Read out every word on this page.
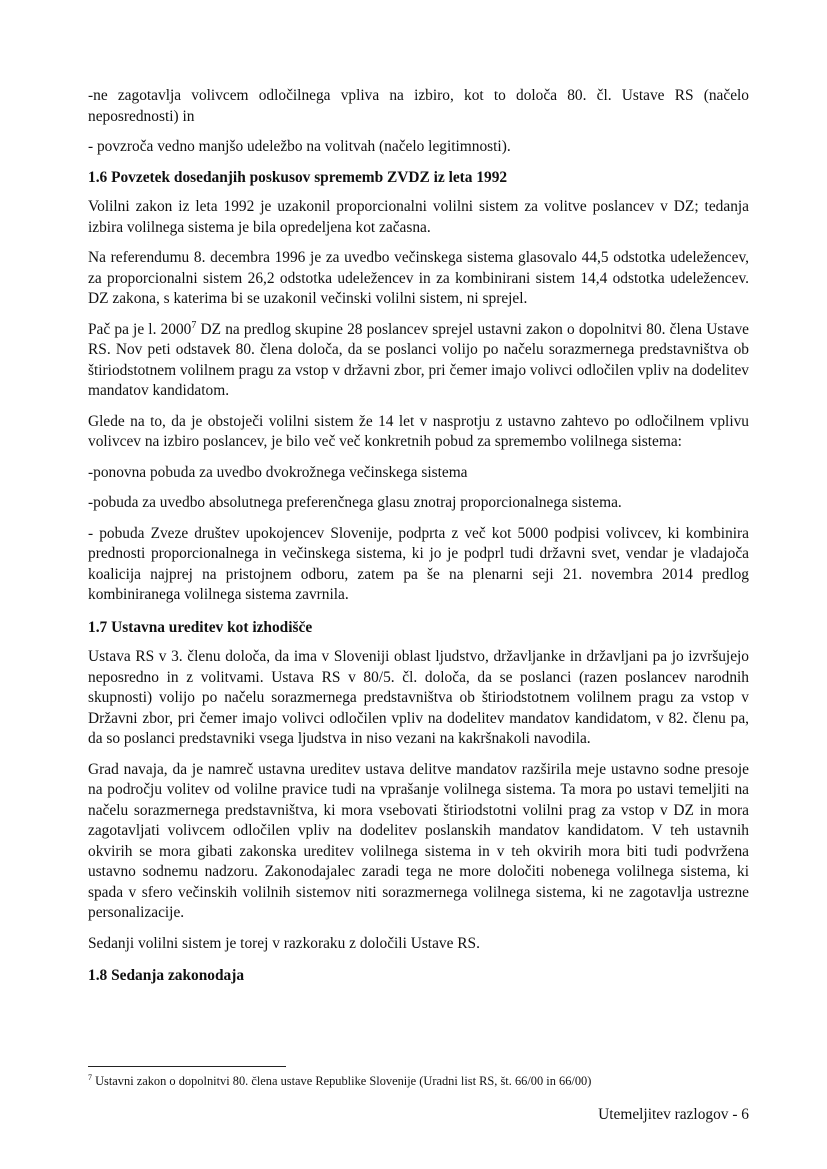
-ne zagotavlja volivcem odločilnega vpliva na izbiro, kot to določa 80. čl. Ustave RS (načelo neposrednosti) in

- povzroča vedno manjšo udeležbo na volitvah (načelo legitimnosti).

1.6 Povzetek dosedanjih poskusov sprememb ZVDZ iz leta 1992

Volilni zakon iz leta 1992 je uzakonil proporcionalni volilni sistem za volitve poslancev v DZ; tedanja izbira volilnega sistema je bila opredeljena kot začasna.

Na referendumu 8. decembra 1996 je za uvedbo večinskega sistema glasovalo 44,5 odstotka udeležencev, za proporcionalni sistem 26,2 odstotka udeležencev in za kombinirani sistem 14,4 odstotka udeležencev. DZ zakona, s katerima bi se uzakonil večinski volilni sistem, ni sprejel.

Pač pa je l. 2000$^7$ DZ na predlog skupine 28 poslancev sprejel ustavni zakon o dopolnitvi 80. člena Ustave RS. Nov peti odstavek 80. člena določa, da se poslanci volijo po načelu sorazmernega predstavništva ob štiriodstotnem volilnem pragu za vstop v državni zbor, pri čemer imajo volivci odločilen vpliv na dodelitev mandatov kandidatom.

Glede na to, da je obstoječi volilni sistem že 14 let v nasprotju z ustavno zahtevo po odločilnem vplivu volivcev na izbiro poslancev, je bilo več več konkretnih pobud za spremembo volilnega sistema:

-ponovna pobuda za uvedbo dvokrožnega večinskega sistema

-pobuda za uvedbo absolutnega preferenčnega glasu znotraj proporcionalnega sistema.

- pobuda Zveze društev upokojencev Slovenije, podprta z več kot 5000 podpisi volivcev, ki kombinira prednosti proporcionalnega in večinskega sistema, ki jo je podprl tudi državni svet, vendar je vladajoča koalicija najprej na pristojnem odboru, zatem pa še na plenarni seji 21. novembra 2014 predlog kombiniranega volilnega sistema zavrnila.

1.7 Ustavna ureditev kot izhodišče

Ustava RS v 3. členu določa, da ima v Sloveniji oblast ljudstvo, državljanke in državljani pa jo izvršujejo neposredno in z volitvami. Ustava RS v 80/5. čl. določa, da se poslanci (razen poslancev narodnih skupnosti) volijo po načelu sorazmernega predstavništva ob štiriodstotnem volilnem pragu za vstop v Državni zbor, pri čemer imajo volivci odločilen vpliv na dodelitev mandatov kandidatom, v 82. členu pa, da so poslanci predstavniki vsega ljudstva in niso vezani na kakršnakoli navodila.

Grad navaja, da je namreč ustavna ureditev ustava delitve mandatov razširila meje ustavno sodne presoje na področju volitev od volilne pravice tudi na vprašanje volilnega sistema. Ta mora po ustavi temeljiti na načelu sorazmernega predstavništva, ki mora vsebovati štiriodstotni volilni prag za vstop v DZ in mora zagotavljati volivcem odločilen vpliv na dodelitev poslanskih mandatov kandidatom. V teh ustavnih okvirih se mora gibati zakonska ureditev volilnega sistema in v teh okvirih mora biti tudi podvržena ustavno sodnemu nadzoru. Zakonodajalec zaradi tega ne more določiti nobenega volilnega sistema, ki spada v sfero večinskih volilnih sistemov niti sorazmernega volilnega sistema, ki ne zagotavlja ustrezne personalizacije.

Sedanji volilni sistem je torej v razkoraku z določili Ustave RS.

1.8 Sedanja zakonodaja

$^7$ Ustavni zakon o dopolnitvi 80. člena ustave Republike Slovenije (Uradni list RS, št. 66/00 in 66/00)
Utemeljitev razlogov - 6
